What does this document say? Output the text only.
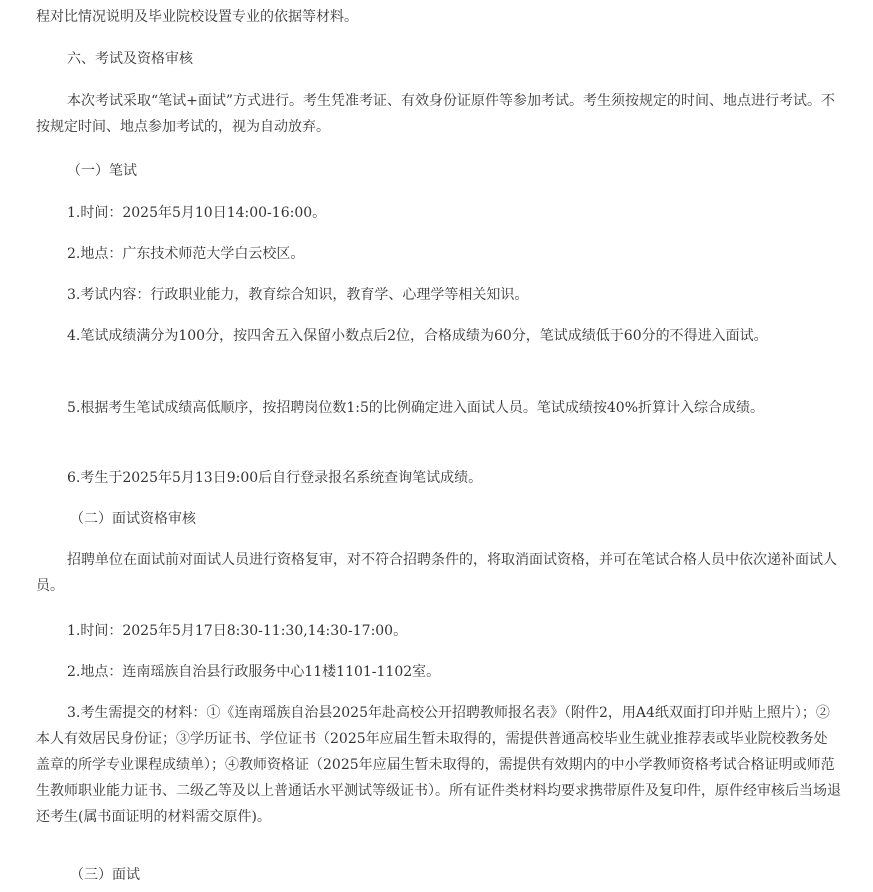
程对比情况说明及毕业院校设置专业的依据等材料。

六、考试及资格审核

本次考试采取“笔试+面试”方式进行。考生凭准考证、有效身份证原件等参加考试。考生须按规定的时间、地点进行考试。不按规定时间、地点参加考试的，视为自动放弃。

（一）笔试

1.时间：2025年5月10日14:00-16:00。

2.地点：广东技术师范大学白云校区。

3.考试内容：行政职业能力，教育综合知识，教育学、心理学等相关知识。

4.笔试成绩满分为100分，按四舍五入保留小数点后2位，合格成绩为60分，笔试成绩低于60分的不得进入面试。

5.根据考生笔试成绩高低顺序，按招聘岗位数1:5的比例确定进入面试人员。笔试成绩按40%折算计入综合成绩。

6.考生于2025年5月13日9:00后自行登录报名系统查询笔试成绩。

（二）面试资格审核

招聘单位在面试前对面试人员进行资格复审，对不符合招聘条件的，将取消面试资格，并可在笔试合格人员中依次递补面试人员。

1.时间：2025年5月17日8:30-11:30,14:30-17:00。

2.地点：连南瑶族自治县行政服务中心11楼1101-1102室。

3.考生需提交的材料：①《连南瑶族自治县2025年赴高校公开招聘教师报名表》（附件2，用A4纸双面打印并贴上照片）；②本人有效居民身份证；③学历证书、学位证书（2025年应届生暂未取得的，需提供普通高校毕业生就业推荐表或毕业院校教务处盖章的所学专业课程成绩单）；④教师资格证（2025年应届生暂未取得的，需提供有效期内的中小学教师资格考试合格证明或师范生教师职业能力证书、二级乙等及以上普通话水平测试等级证书）。所有证件类材料均要求携带原件及复印件，原件经审核后当场退还考生(属书面证明的材料需交原件)。

（三）面试
